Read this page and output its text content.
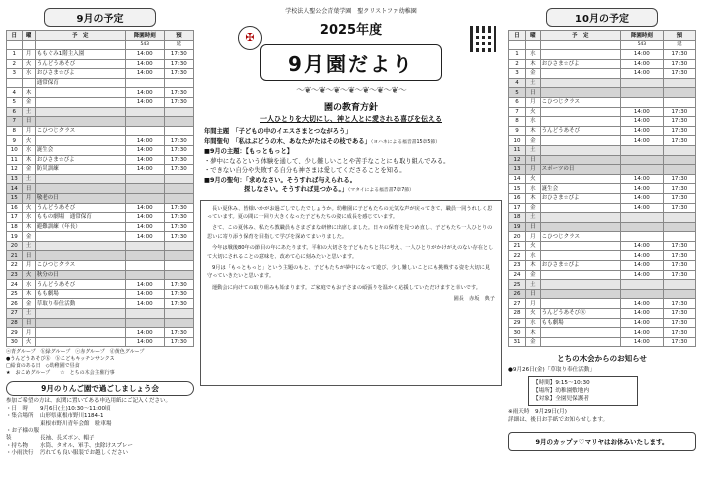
9月の予定
日	曜	予　定	降園時刻	預
			543	延
1	月	ももぐみ1階主入園	14:00	17:30
2	火	うんどうあそび	14:00	17:30
3	水	おひさま☆ぴよ	14:00	17:30
		通常保育		
4	木		14:00	17:30
5	金		14:00	17:30
6	土			
7	日			
8	月	こひつじクラス		
9	火		14:00	17:30
10	水	誕生会	14:00	17:30
11	木	おひさま☆ぴよ	14:00	17:30
12	金	防災訓練	14:00	17:30
13	土			
14	日			
15	月	敬老の日		
16	火	うんどうあそび	14:00	17:30
17	水	ももの劇場　通常保育	14:00	17:30
18	木	避難訓練（年長）	14:00	17:30
19	金		14:00	17:30
20	土			
21	日			
22	月	こひつじクラス		
23	火	秋分の日		
24	水	うんどうあそび	14:00	17:30
25	木	もも劇場	14:00	17:30
26	金	草取り奉仕活動	14:00	17:30
27	土			
28	日			
29	月		14:00	17:30
30	火		14:00	17:30
ⓐ青グループ　ⓑ緑グループ　ⓒ赤グループ　ⓓ黄色グループ
●うんどうあそびⓀ　ⓑこどもキッチンサンクス
□給食のある日　◇幼稚園で昼食
★　おこめグループ　　☆　とちの木会主催行事
9月のりんご園で過ごしましょう会
参加ご希望の方は、玄関に置いてある申込用紙にご記入ください。
・日　時 9月6日(土)10:30〜11:00頃
・集合場所 山形県東根市野川1184-1
東根市野川青年会館　駐車場
・お子様の服装	長袖、長ズボン、帽子
・持ち物 水筒、タオル、軍手、虫除けスプレー
・小雨決行 汚れても良い服装でお越しください
学校法人聖公会青葉学園　聖クリストファ幼稚園
✠	2025年度
9月園だより
〜❦〜❦〜❦〜❦〜❦〜❦〜❦〜
園の教育方針
一人ひとりを大切にし、神と人とに愛される喜びを伝える
年間主題　 「子どもの中のイエスさまとつながろう」
年間聖句　 「私はぶどうの木、あなたがたはその枝である」（ヨハネによる福音書15章5節）
■9月の主題：【もっともっと】
・夢中になるという体験を通して、少し難しいことや苦手なことにも取り組んでみる。
・できない自分や失敗する自分も神さまは愛してくださることを知る。
■9月の聖句：「求めなさい。そうすれば与えられる。
探しなさい。そうすれば見つかる。」（マタイによる福音書7章7節）

長い夏休み、皆様いかがお過ごしでしたでしょうか。幼稚園に子どもたちの元気な声が戻ってきて、職員一同うれしく思っています。夏の間に一回り大きくなった子どもたちの姿に成長を感じています。

さて、この夏休み、私たち教職員もさまざまな研修に出席しました。日々の保育を見つめ直し、子どもたち一人ひとりの思いに寄り添う保育を目指して学びを深めてまいりました。

今年は戦後80年の節目の年にあたります。平和の大切さを子どもたちと共に考え、一人ひとりがかけがえのない存在として大切にされることの意味を、改めて心に刻みたいと思います。

9月は「もっともっと」という主題のもと、子どもたちが夢中になって遊び、少し難しいことにも挑戦する姿を大切に見守っていきたいと思います。

運動会に向けての取り組みも始まります。ご家庭でもお子さまの頑張りを温かく応援していただけますと幸いです。

園長　赤坂　典子
10月の予定
日	曜	予　定	降園時刻	預
			543	延
1	水		14:00	17:30
2	木	おひさま☆ぴよ	14:00	17:30
3	金		14:00	17:30
4	土			
5	日			
6	月	こひつじクラス		
7	火		14:00	17:30
8	水		14:00	17:30
9	木	うんどうあそび	14:00	17:30
10	金		14:00	17:30
11	土			
12	日			
13	月	スポーツの日		
14	火		14:00	17:30
15	水	誕生会	14:00	17:30
16	木	おひさま☆ぴよ	14:00	17:30
17	金		14:00	17:30
18	土			
19	日			
20	月	こひつじクラス		
21	火		14:00	17:30
22	水		14:00	17:30
23	木	おひさま☆ぴよ	14:00	17:30
24	金		14:00	17:30
25	土			
26	日			
27	月		14:00	17:30
28	火	うんどうあそびⓀ	14:00	17:30
29	水	もも劇場	14:00	17:30
30	木		14:00	17:30
31	金		14:00	17:30
とちの木会からのお知らせ
●9月26日(金)「草取り奉仕活動」
【時間】9:15〜10:30
【場所】幼稚園敷地内
【対象】全園児保護者
※雨天時　9月29日(月)
詳細は、後日お手紙でお知らせします。
9月のカップァ♡マリヤはお休みいたします。
